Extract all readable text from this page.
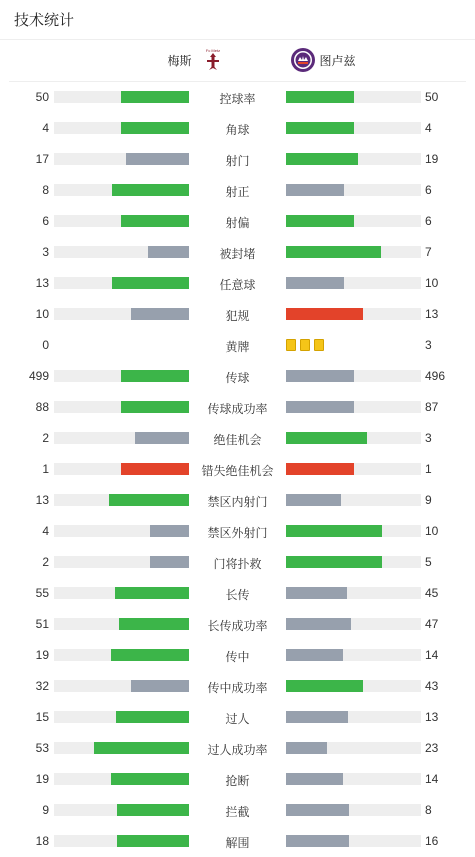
技术统计
梅斯
Fc Metz
图卢兹
50	控球率	50
4	角球	4
17	射门	19
8	射正	6
6	射偏	6
3	被封堵	7
13	任意球	10
10	犯规	13
0	黄牌	3
499	传球	496
88	传球成功率	87
2	绝佳机会	3
1	错失绝佳机会	1
13	禁区内射门	9
4	禁区外射门	10
2	门将扑救	5
55	长传	45
51	长传成功率	47
19	传中	14
32	传中成功率	43
15	过人	13
53	过人成功率	23
19	抢断	14
9	拦截	8
18	解围	16
